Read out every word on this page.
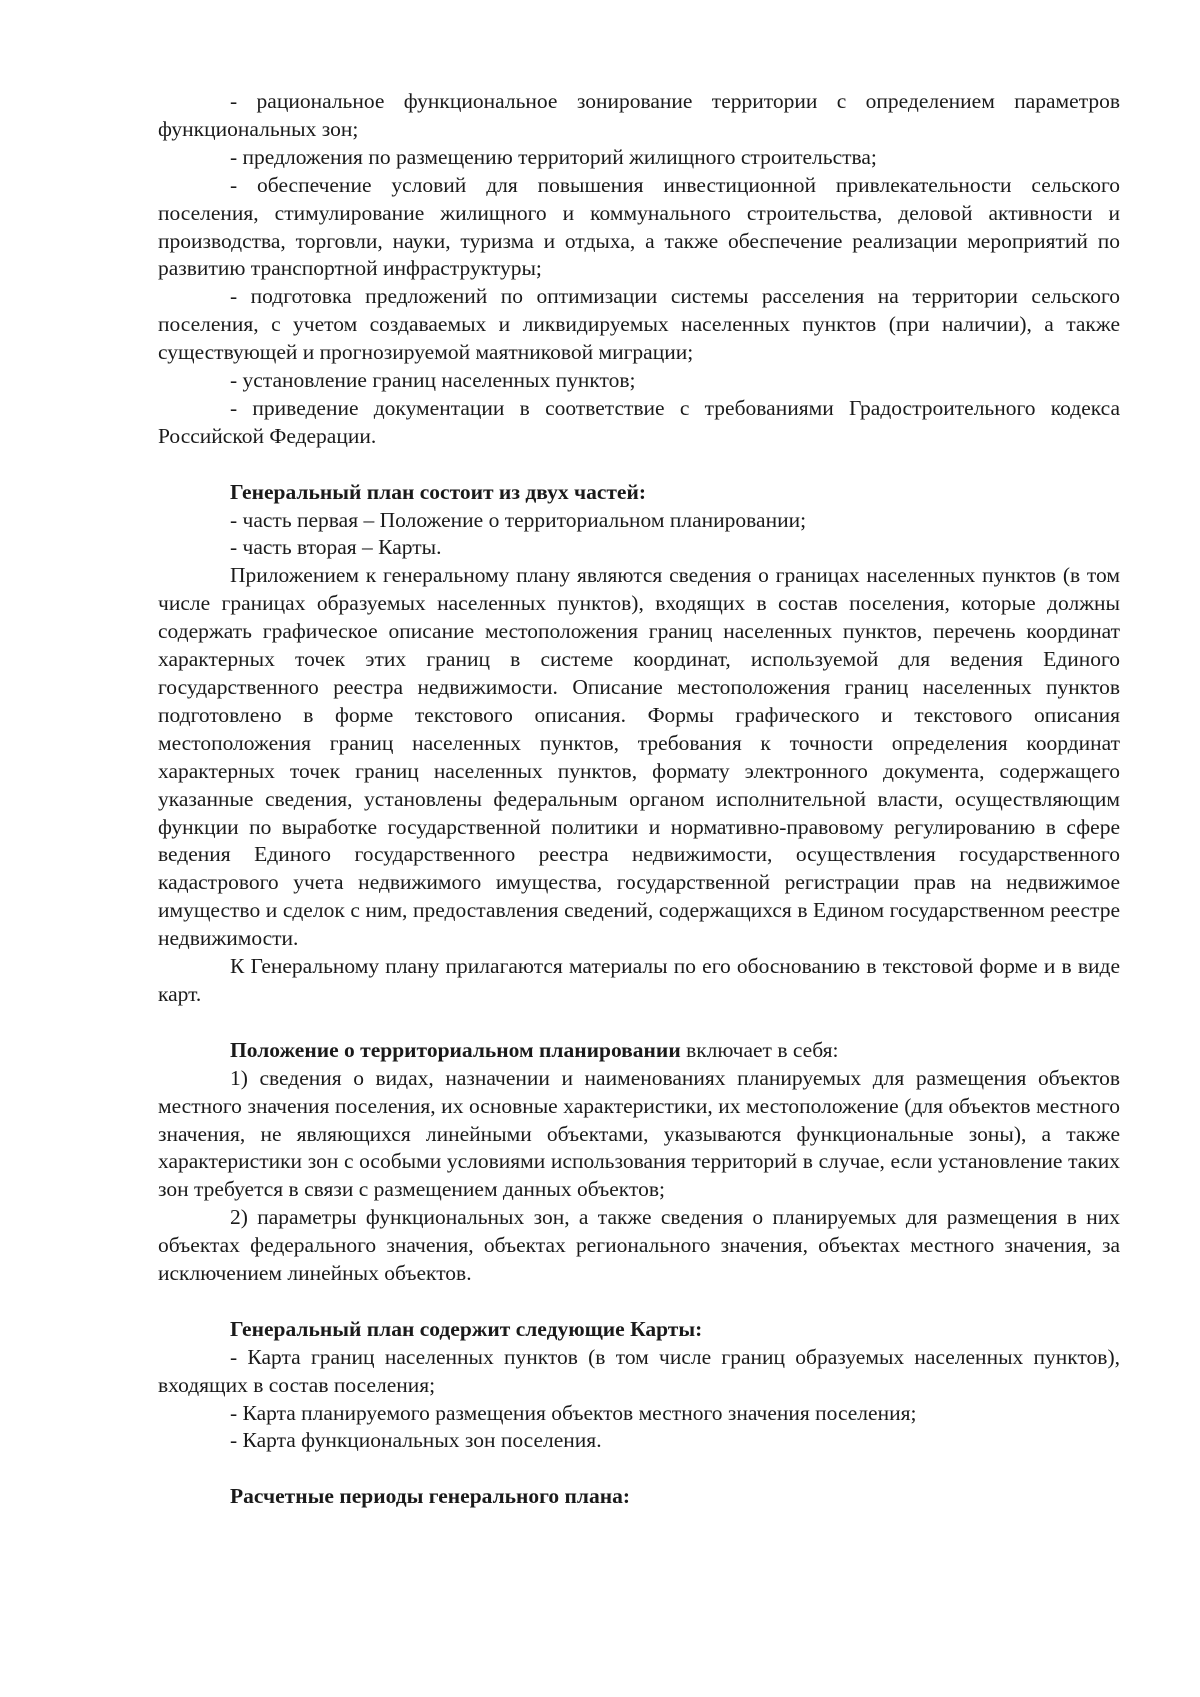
- рациональное функциональное зонирование территории с определением параметров функциональных зон;

- предложения по размещению территорий жилищного строительства;

- обеспечение условий для повышения инвестиционной привлекательности сельского поселения, стимулирование жилищного и коммунального строительства, деловой активности и производства, торговли, науки, туризма и отдыха, а также обеспечение реализации мероприятий по развитию транспортной инфраструктуры;

- подготовка предложений по оптимизации системы расселения на территории сельского поселения, с учетом создаваемых и ликвидируемых населенных пунктов (при наличии), а также существующей и прогнозируемой маятниковой миграции;

- установление границ населенных пунктов;

- приведение документации в соответствие с требованиями Градостроительного кодекса Российской Федерации.

Генеральный план состоит из двух частей:

- часть первая – Положение о территориальном планировании;

- часть вторая – Карты.

Приложением к генеральному плану являются сведения о границах населенных пунктов (в том числе границах образуемых населенных пунктов), входящих в состав поселения, которые должны содержать графическое описание местоположения границ населенных пунктов, перечень координат характерных точек этих границ в системе координат, используемой для ведения Единого государственного реестра недвижимости. Описание местоположения границ населенных пунктов подготовлено в форме текстового описания. Формы графического и текстового описания местоположения границ населенных пунктов, требования к точности определения координат характерных точек границ населенных пунктов, формату электронного документа, содержащего указанные сведения, установлены федеральным органом исполнительной власти, осуществляющим функции по выработке государственной политики и нормативно-правовому регулированию в сфере ведения Единого государственного реестра недвижимости, осуществления государственного кадастрового учета недвижимого имущества, государственной регистрации прав на недвижимое имущество и сделок с ним, предоставления сведений, содержащихся в Едином государственном реестре недвижимости.

К Генеральному плану прилагаются материалы по его обоснованию в текстовой форме и в виде карт.

Положение о территориальном планировании включает в себя:

1) сведения о видах, назначении и наименованиях планируемых для размещения объектов местного значения поселения, их основные характеристики, их местоположение (для объектов местного значения, не являющихся линейными объектами, указываются функциональные зоны), а также характеристики зон с особыми условиями использования территорий в случае, если установление таких зон требуется в связи с размещением данных объектов;

2) параметры функциональных зон, а также сведения о планируемых для размещения в них объектах федерального значения, объектах регионального значения, объектах местного значения, за исключением линейных объектов.

Генеральный план содержит следующие Карты:

- Карта границ населенных пунктов (в том числе границ образуемых населенных пунктов), входящих в состав поселения;

- Карта планируемого размещения объектов местного значения поселения;

- Карта функциональных зон поселения.

Расчетные периоды генерального плана:
